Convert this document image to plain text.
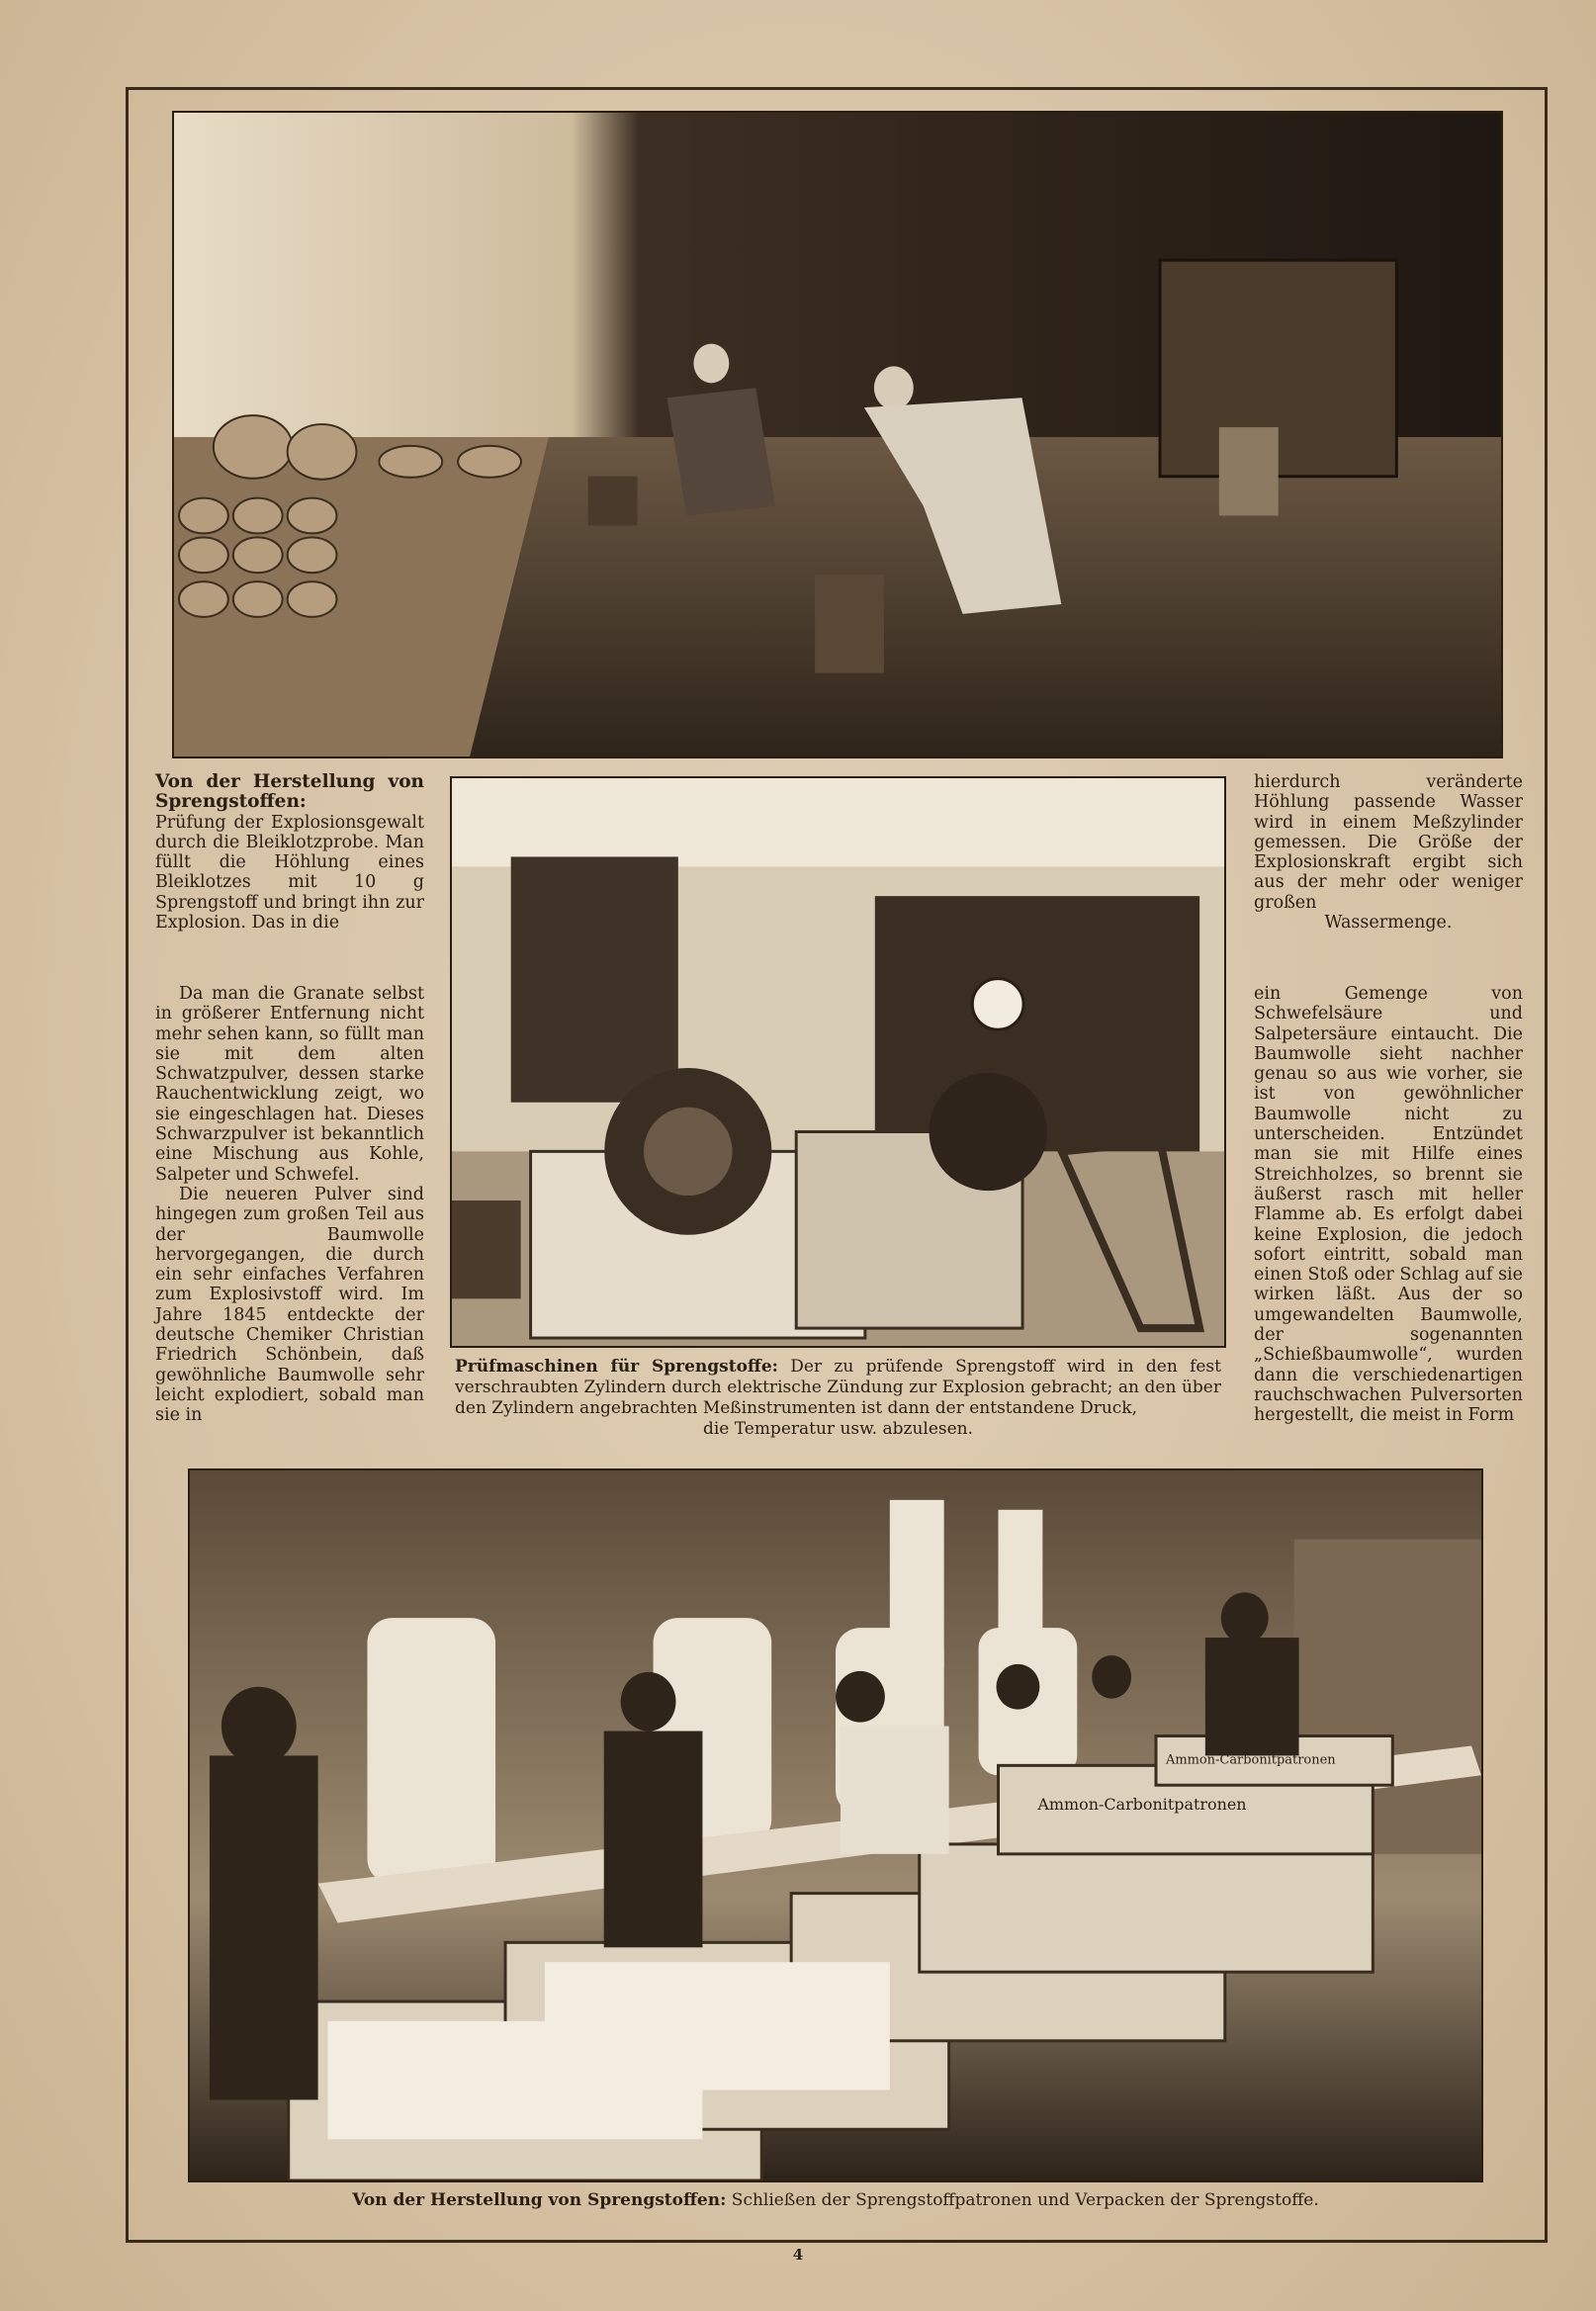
Ammon-Carbonitpatronen
Ammon-Carbonitpatronen

Von der Herstellung von Sprengstoffen:

Prüfung der Explosionsgewalt durch die Bleiklotzprobe. Man füllt die Höhlung eines Bleiklotzes mit 10 g Sprengstoff und bringt ihn zur Explosion. Das in die

Da man die Granate selbst in größerer Entfernung nicht mehr sehen kann, so füllt man sie mit dem alten Schwatzpulver, dessen starke Rauchentwicklung zeigt, wo sie eingeschlagen hat. Dieses Schwarzpulver ist bekanntlich eine Mischung aus Kohle, Salpeter und Schwefel.

Die neueren Pulver sind hingegen zum großen Teil aus der Baumwolle hervorgegangen, die durch ein sehr einfaches Verfahren zum Explosivstoff wird. Im Jahre 1845 entdeckte der deutsche Chemiker Christian Friedrich Schönbein, daß gewöhnliche Baumwolle sehr leicht explodiert, sobald man sie in

hierdurch veränderte Höhlung passende Wasser wird in einem Meßzylinder gemessen. Die Größe der Explosionskraft ergibt sich aus der mehr oder weniger großen

Wassermenge.

ein Gemenge von Schwefelsäure und Salpetersäure eintaucht. Die Baumwolle sieht nachher genau so aus wie vorher, sie ist von gewöhnlicher Baumwolle nicht zu unterscheiden. Entzündet man sie mit Hilfe eines Streichholzes, so brennt sie äußerst rasch mit heller Flamme ab. Es erfolgt dabei keine Explosion, die jedoch sofort eintritt, sobald man einen Stoß oder Schlag auf sie wirken läßt. Aus der so umgewandelten Baumwolle, der sogenannten „Schießbaumwolle“, wurden dann die verschiedenartigen rauchschwachen Pulversorten hergestellt, die meist in Form

Prüfmaschinen für Sprengstoffe: Der zu prüfende Sprengstoff wird in den fest verschraubten Zylindern durch elektrische Zündung zur Explosion gebracht; an den über den Zylindern angebrachten Meßinstrumenten ist dann der entstandene Druck,
die Temperatur usw. abzulesen.
Von der Herstellung von Sprengstoffen: Schließen der Sprengstoffpatronen und Verpacken der Sprengstoffe.
4
